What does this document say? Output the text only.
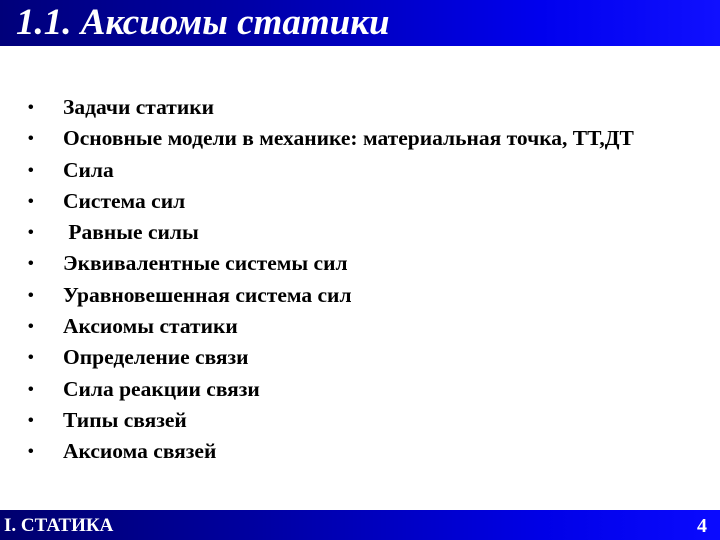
1.1. Аксиомы статики
• Задачи статики
• Основные модели в механике: материальная точка, ТТ,ДТ
• Сила
• Система сил
• Равные силы
• Эквивалентные системы сил
• Уравновешенная система сил
• Аксиомы статики
• Определение связи
• Сила реакции связи
• Типы связей
• Аксиома связей
I. СТАТИКА	4
